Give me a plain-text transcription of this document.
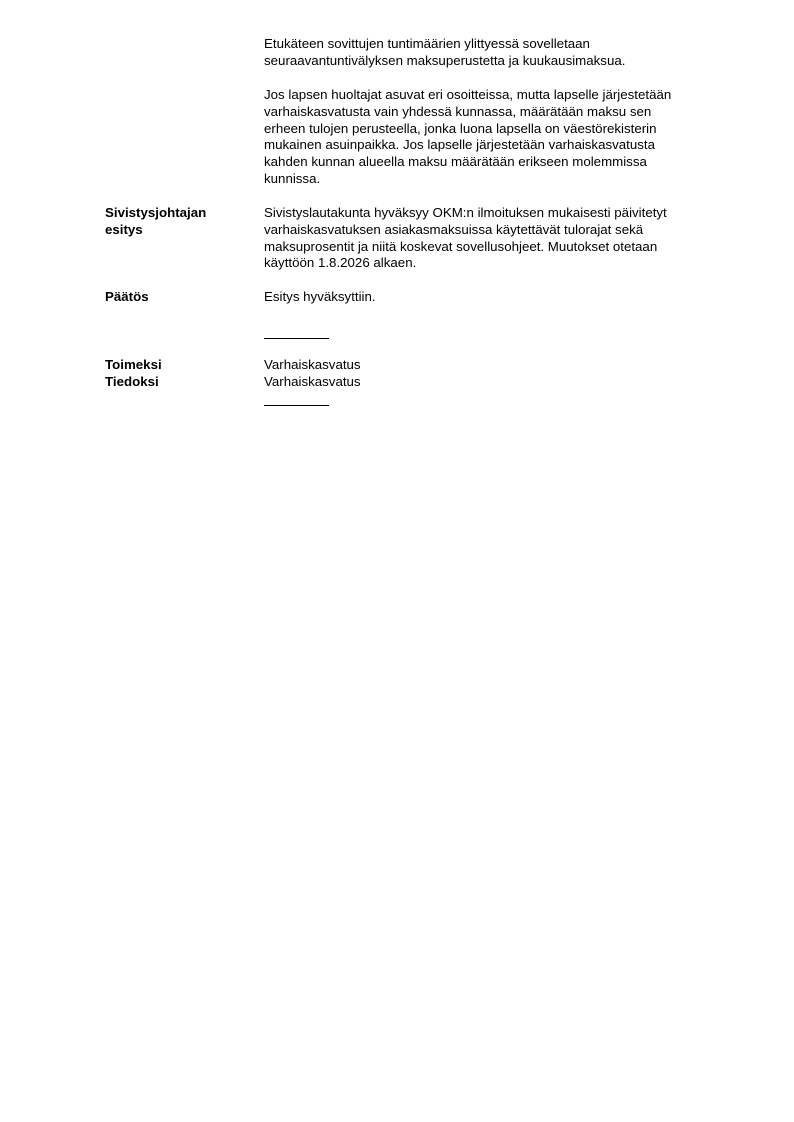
Etukäteen sovittujen tuntimäärien ylittyessä sovelletaan
seuraavantuntivälyksen maksuperustetta ja kuukausimaksua.
Jos lapsen huoltajat asuvat eri osoitteissa, mutta lapselle järjestetään
varhaiskasvatusta vain yhdessä kunnassa, määrätään maksu sen
erheen tulojen perusteella, jonka luona lapsella on väestörekisterin
mukainen asuinpaikka. Jos lapselle järjestetään varhaiskasvatusta
kahden kunnan alueella maksu määrätään erikseen molemmissa
kunnissa.
Sivistysjohtajan
esitys
Sivistyslautakunta hyväksyy OKM:n ilmoituksen mukaisesti päivitetyt
varhaiskasvatuksen asiakasmaksuissa käytettävät tulorajat sekä
maksuprosentit ja niitä koskevat sovellusohjeet. Muutokset otetaan
käyttöön 1.8.2026 alkaen.
Päätös	Esitys hyväksyttiin.
Toimeksi
Tiedoksi
Varhaiskasvatus
Varhaiskasvatus
